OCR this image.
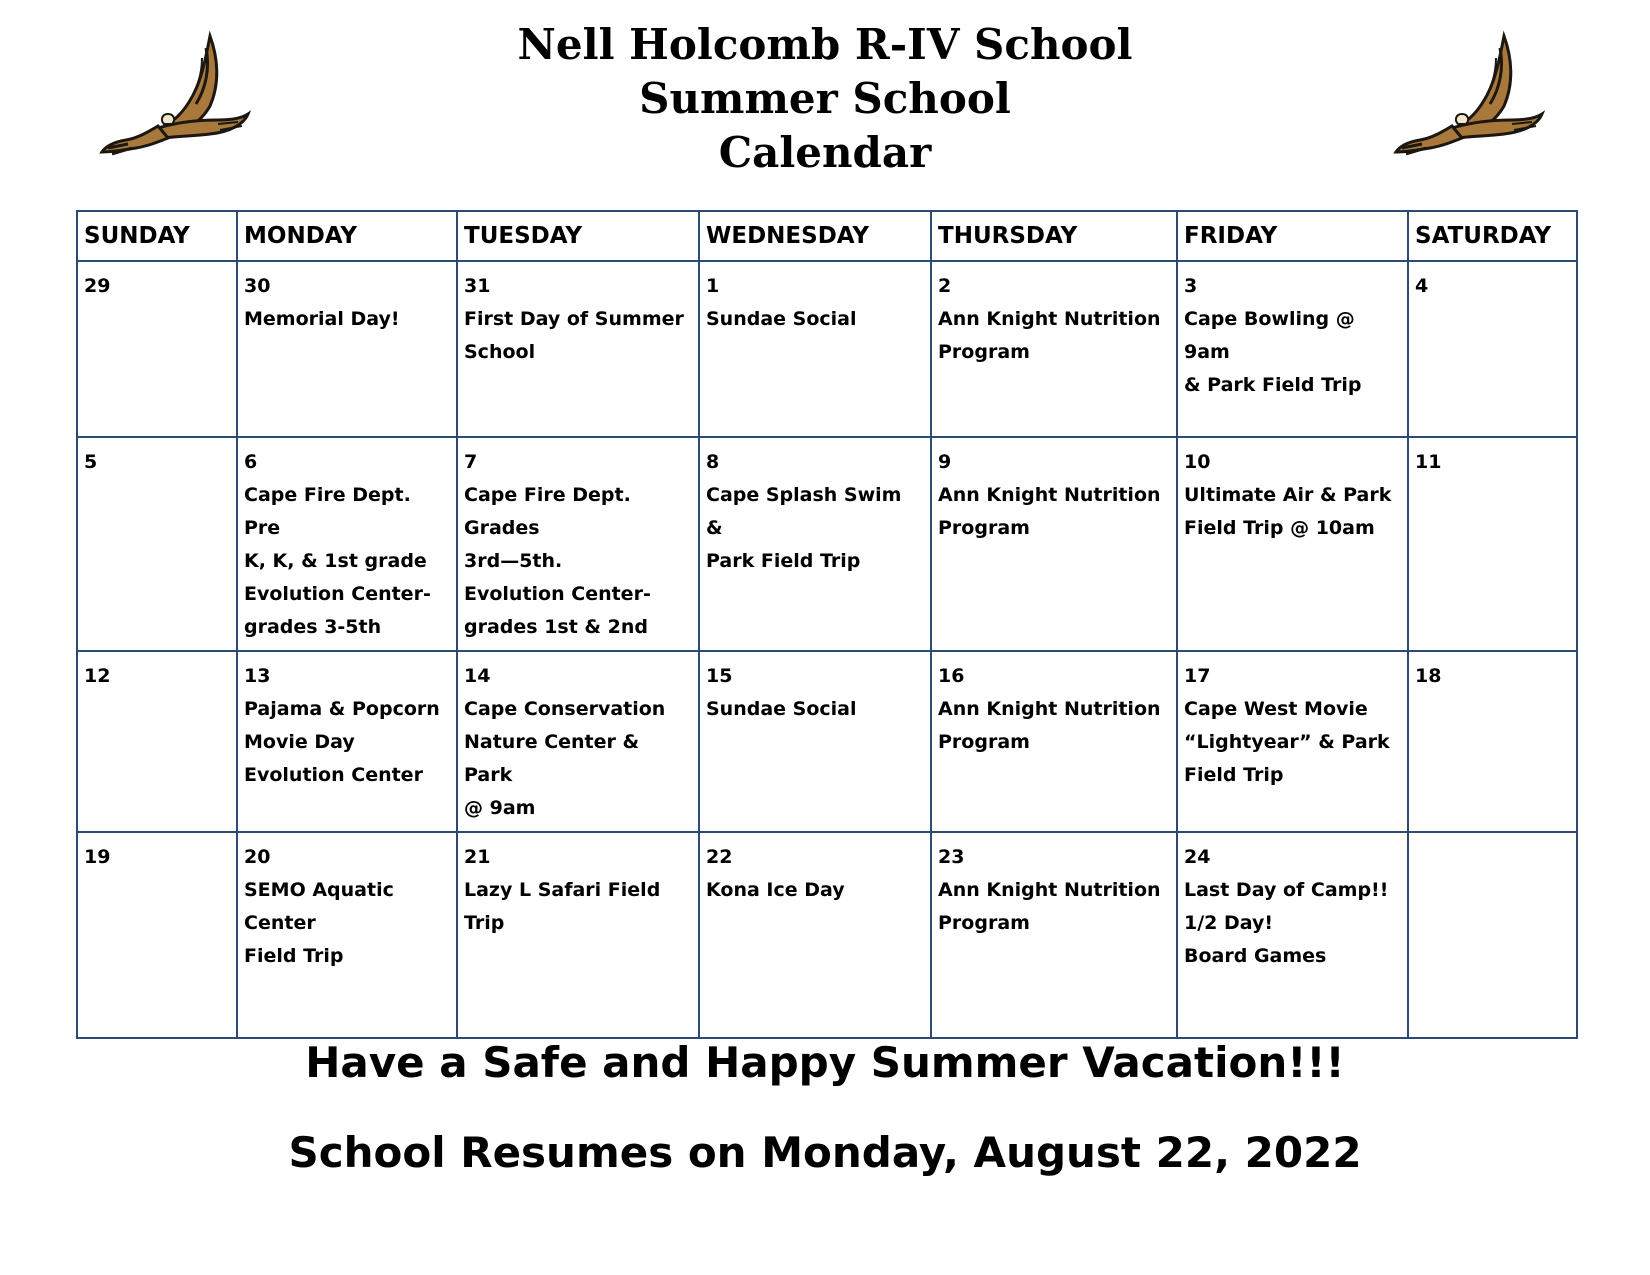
Nell Holcomb R-IV School

Summer School

Calendar

SUNDAY	MONDAY	TUESDAY	WEDNESDAY	THURSDAY	FRIDAY	SATURDAY

29	30
Memorial Day!	31
First Day of Summer
School	1
Sundae Social	2
Ann Knight Nutrition
Program	3
Cape Bowling @ 9am
& Park Field Trip	4

5	6
Cape Fire Dept. Pre
K, K, & 1st grade
Evolution Center-
grades 3-5th	7
Cape Fire Dept. Grades
3rd—5th.
Evolution Center-
grades 1st & 2nd	8
Cape Splash Swim &
Park Field Trip	9
Ann Knight Nutrition
Program	10
Ultimate Air & Park
Field Trip @ 10am	11

12	13
Pajama & Popcorn
Movie Day
Evolution Center	14
Cape Conservation
Nature Center & Park
@ 9am	15
Sundae Social	16
Ann Knight Nutrition
Program	17
Cape West Movie
“Lightyear” & Park
Field Trip	18

19	20
SEMO Aquatic Center
Field Trip	21
Lazy L Safari Field Trip	22
Kona Ice Day	23
Ann Knight Nutrition
Program	24
Last Day of Camp!!
1/2 Day!
Board Games	

Have a Safe and Happy Summer Vacation!!!

School Resumes on Monday, August 22, 2022
